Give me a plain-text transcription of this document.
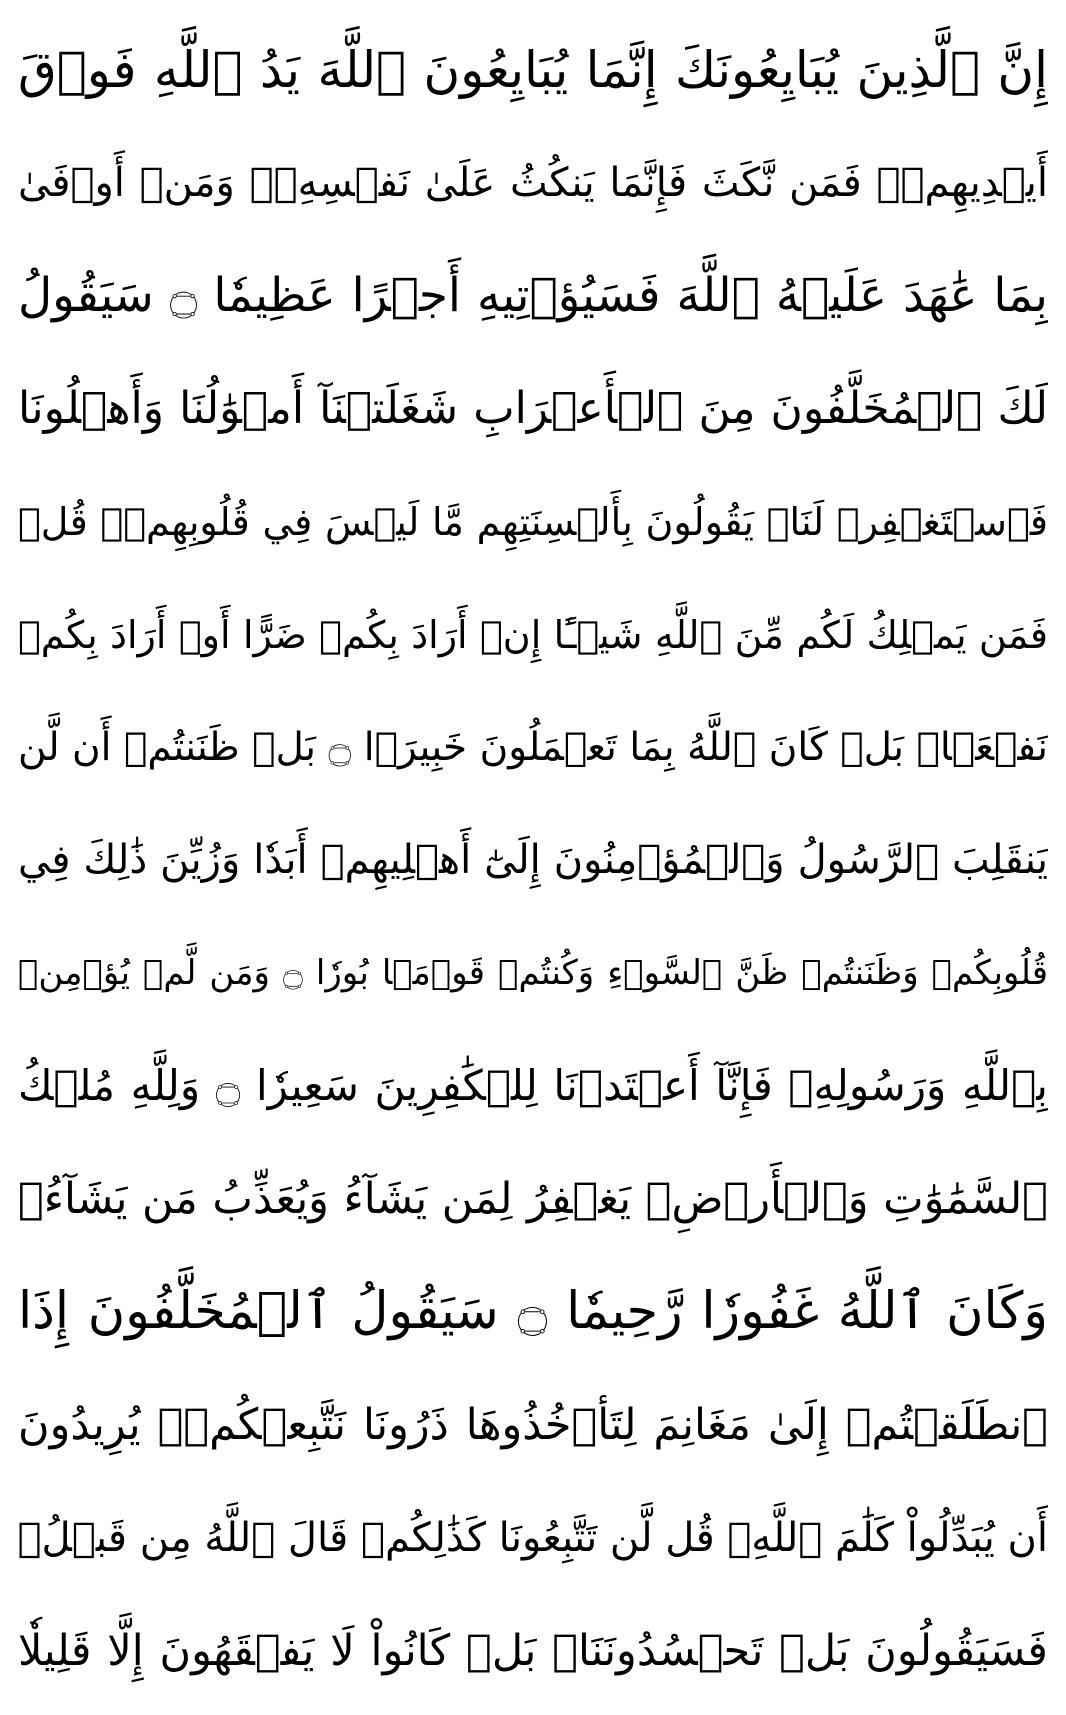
إِنَّ ٱلَّذِينَ يُبَايِعُونَكَ إِنَّمَا يُبَايِعُونَ ٱللَّهَ يَدُ ٱللَّهِ فَوۡقَ
أَيۡدِيهِمۡۚ فَمَن نَّكَثَ فَإِنَّمَا يَنكُثُ عَلَىٰ نَفۡسِهِۦۖ وَمَنۡ أَوۡفَىٰ
بِمَا عَٰهَدَ عَلَيۡهُ ٱللَّهَ فَسَيُؤۡتِيهِ أَجۡرًا عَظِيمٗا ۝ سَيَقُولُ
لَكَ ٱلۡمُخَلَّفُونَ مِنَ ٱلۡأَعۡرَابِ شَغَلَتۡنَآ أَمۡوَٰلُنَا وَأَهۡلُونَا
فَٱسۡتَغۡفِرۡ لَنَاۚ يَقُولُونَ بِأَلۡسِنَتِهِم مَّا لَيۡسَ فِي قُلُوبِهِمۡۚ قُلۡ
فَمَن يَمۡلِكُ لَكُم مِّنَ ٱللَّهِ شَيۡـًٔا إِنۡ أَرَادَ بِكُمۡ ضَرًّا أَوۡ أَرَادَ بِكُمۡ
نَفۡعَۢاۚ بَلۡ كَانَ ٱللَّهُ بِمَا تَعۡمَلُونَ خَبِيرَۢا ۝ بَلۡ ظَنَنتُمۡ أَن لَّن
يَنقَلِبَ ٱلرَّسُولُ وَٱلۡمُؤۡمِنُونَ إِلَىٰٓ أَهۡلِيهِمۡ أَبَدٗا وَزُيِّنَ ذَٰلِكَ فِي
قُلُوبِكُمۡ وَظَنَنتُمۡ ظَنَّ ٱلسَّوۡءِ وَكُنتُمۡ قَوۡمَۢا بُورٗا ۝ وَمَن لَّمۡ يُؤۡمِنۢ
بِٱللَّهِ وَرَسُولِهِۦ فَإِنَّآ أَعۡتَدۡنَا لِلۡكَٰفِرِينَ سَعِيرٗا ۝ وَلِلَّهِ مُلۡكُ
ٱلسَّمَٰوَٰتِ وَٱلۡأَرۡضِۚ يَغۡفِرُ لِمَن يَشَآءُ وَيُعَذِّبُ مَن يَشَآءُۚ
وَكَانَ ٱللَّهُ غَفُورٗا رَّحِيمٗا ۝ سَيَقُولُ ٱلۡمُخَلَّفُونَ إِذَا
ٱنطَلَقۡتُمۡ إِلَىٰ مَغَانِمَ لِتَأۡخُذُوهَا ذَرُونَا نَتَّبِعۡكُمۡۖ يُرِيدُونَ
أَن يُبَدِّلُواْ كَلَٰمَ ٱللَّهِۚ قُل لَّن تَتَّبِعُونَا كَذَٰلِكُمۡ قَالَ ٱللَّهُ مِن قَبۡلُۖ
فَسَيَقُولُونَ بَلۡ تَحۡسُدُونَنَاۚ بَلۡ كَانُواْ لَا يَفۡقَهُونَ إِلَّا قَلِيلٗا
